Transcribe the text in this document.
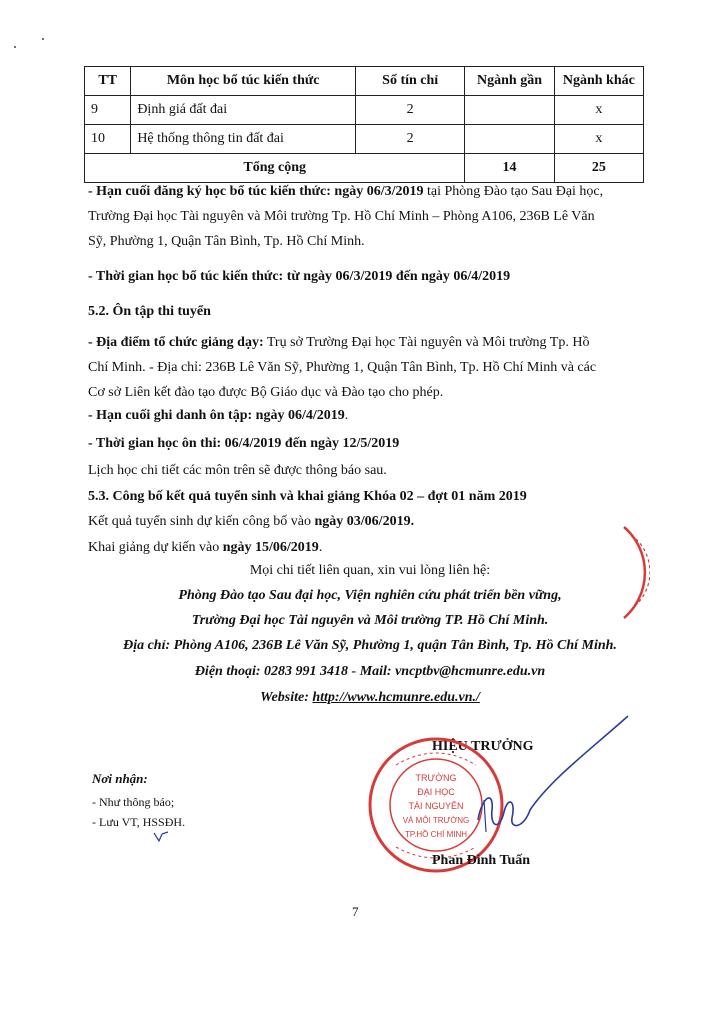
TT	Môn học bổ túc kiến thức	Số tín chỉ	Ngành gần	Ngành khác
9	Định giá đất đai	2		x
10	Hệ thống thông tin đất đai	2		x
Tổng cộng			14	25
- Hạn cuối đăng ký học bổ túc kiến thức: ngày 06/3/2019 tại Phòng Đào tạo Sau Đại học,
Trường Đại học Tài nguyên và Môi trường Tp. Hồ Chí Minh – Phòng A106, 236B Lê Văn
Sỹ, Phường 1, Quận Tân Bình, Tp. Hồ Chí Minh.
- Thời gian học bổ túc kiến thức: từ ngày 06/3/2019 đến ngày 06/4/2019
5.2. Ôn tập thi tuyển
- Địa điểm tổ chức giảng dạy: Trụ sở Trường Đại học Tài nguyên và Môi trường Tp. Hồ
Chí Minh. - Địa chỉ: 236B Lê Văn Sỹ, Phường 1, Quận Tân Bình, Tp. Hồ Chí Minh và các
Cơ sở Liên kết đào tạo được Bộ Giáo dục và Đào tạo cho phép.
- Hạn cuối ghi danh ôn tập: ngày 06/4/2019.
- Thời gian học ôn thi: 06/4/2019 đến ngày 12/5/2019
Lịch học chi tiết các môn trên sẽ được thông báo sau.
5.3. Công bố kết quả tuyển sinh và khai giảng Khóa 02 – đợt 01 năm 2019
Kết quả tuyển sinh dự kiến công bố vào ngày 03/06/2019.
Khai giảng dự kiến vào ngày 15/06/2019.
Mọi chi tiết liên quan, xin vui lòng liên hệ:
Phòng Đào tạo Sau đại học, Viện nghiên cứu phát triển bền vững,
Trường Đại học Tài nguyên và Môi trường TP. Hồ Chí Minh.
Địa chỉ: Phòng A106, 236B Lê Văn Sỹ, Phường 1, quận Tân Bình, Tp. Hồ Chí Minh.
Điện thoại: 0283 991 3418 - Mail: vncptbv@hcmunre.edu.vn
Website: http://www.hcmunre.edu.vn./
Nơi nhận:
- Như thông báo;
- Lưu VT, HSSĐH.
HIỆU TRƯỞNG
TRƯỜNG
ĐẠI HỌC
TÀI NGUYÊN
VÀ MÔI TRƯỜNG
TP.HỒ CHÍ MINH
Phan Đình Tuấn
7
